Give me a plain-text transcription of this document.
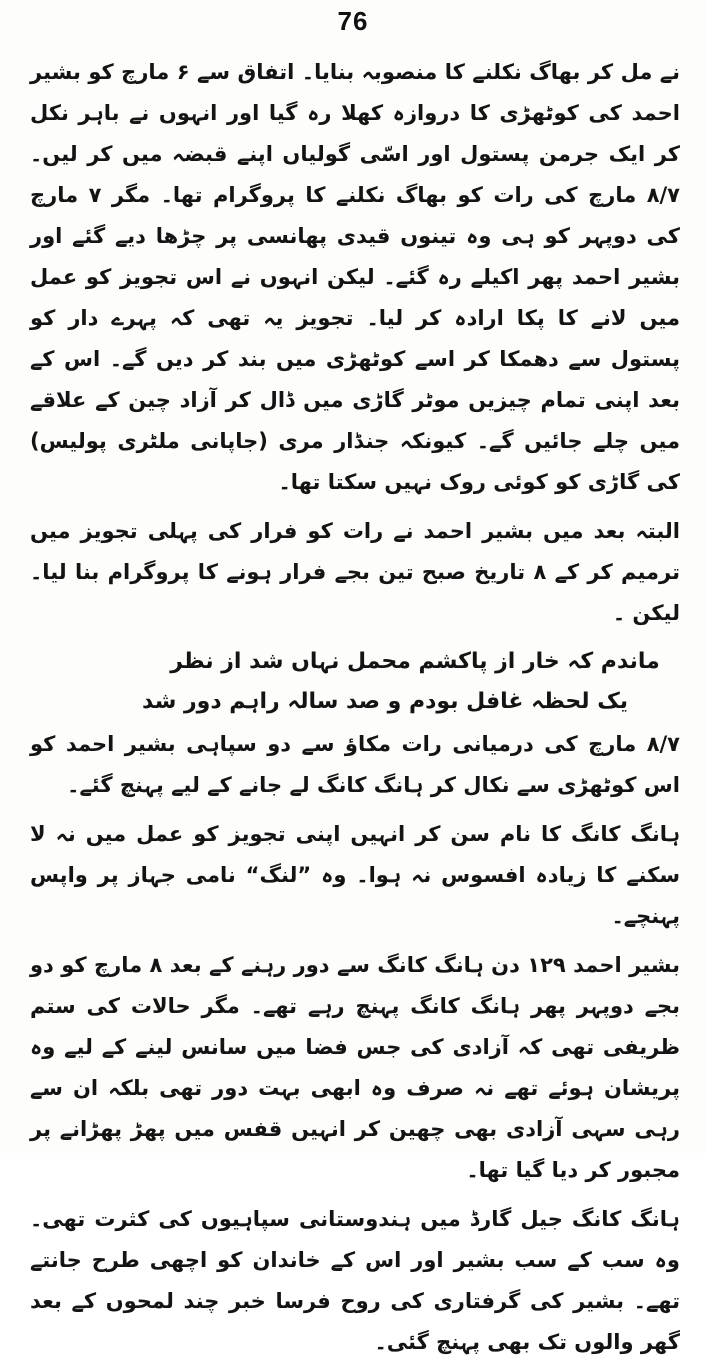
76

نے مل کر بھاگ نکلنے کا منصوبہ بنایا۔ اتفاق سے ۶ مارچ کو بشیر احمد کی کوٹھڑی کا دروازہ کھلا رہ گیا اور انہوں نے باہر نکل کر ایک جرمن پستول اور اسّی گولیاں اپنے قبضہ میں کر لیں۔ ۸/۷ مارچ کی رات کو بھاگ نکلنے کا پروگرام تھا۔ مگر ۷ مارچ کی دوپہر کو ہی وہ تینوں قیدی پھانسی پر چڑھا دیے گئے اور بشیر احمد پھر اکیلے رہ گئے۔ لیکن انہوں نے اس تجویز کو عمل میں لانے کا پکا ارادہ کر لیا۔ تجویز یہ تھی کہ پہرے دار کو پستول سے دھمکا کر اسے کوٹھڑی میں بند کر دیں گے۔ اس کے بعد اپنی تمام چیزیں موٹر گاڑی میں ڈال کر آزاد چین کے علاقے میں چلے جائیں گے۔ کیونکہ جنڈار مری (جاپانی ملٹری پولیس) کی گاڑی کو کوئی روک نہیں سکتا تھا۔

البتہ بعد میں بشیر احمد نے رات کو فرار کی پہلی تجویز میں ترمیم کر کے ۸ تاریخ صبح تین بجے فرار ہونے کا پروگرام بنا لیا۔ لیکن ۔

ماندم کہ خار از پاکشم محمل نہاں شد از نظر

یک لحظہ غافل بودم و صد سالہ راہم دور شد

۸/۷ مارچ کی درمیانی رات مکاؤ سے دو سپاہی بشیر احمد کو اس کوٹھڑی سے نکال کر ہانگ کانگ لے جانے کے لیے پہنچ گئے۔

ہانگ کانگ کا نام سن کر انہیں اپنی تجویز کو عمل میں نہ لا سکنے کا زیادہ افسوس نہ ہوا۔ وہ ”لنگ“ نامی جہاز پر واپس پہنچے۔

بشیر احمد ۱۲۹ دن ہانگ کانگ سے دور رہنے کے بعد ۸ مارچ کو دو بجے دوپہر پھر ہانگ کانگ پہنچ رہے تھے۔ مگر حالات کی ستم ظریفی تھی کہ آزادی کی جس فضا میں سانس لینے کے لیے وہ پریشان ہوئے تھے نہ صرف وہ ابھی بہت دور تھی بلکہ ان سے رہی سہی آزادی بھی چھین کر انہیں قفس میں پھڑ پھڑانے پر مجبور کر دیا گیا تھا۔

ہانگ کانگ جیل گارڈ میں ہندوستانی سپاہیوں کی کثرت تھی۔ وہ سب کے سب بشیر اور اس کے خاندان کو اچھی طرح جانتے تھے۔ بشیر کی گرفتاری کی روح فرسا خبر چند لمحوں کے بعد گھر والوں تک بھی پہنچ گئی۔
